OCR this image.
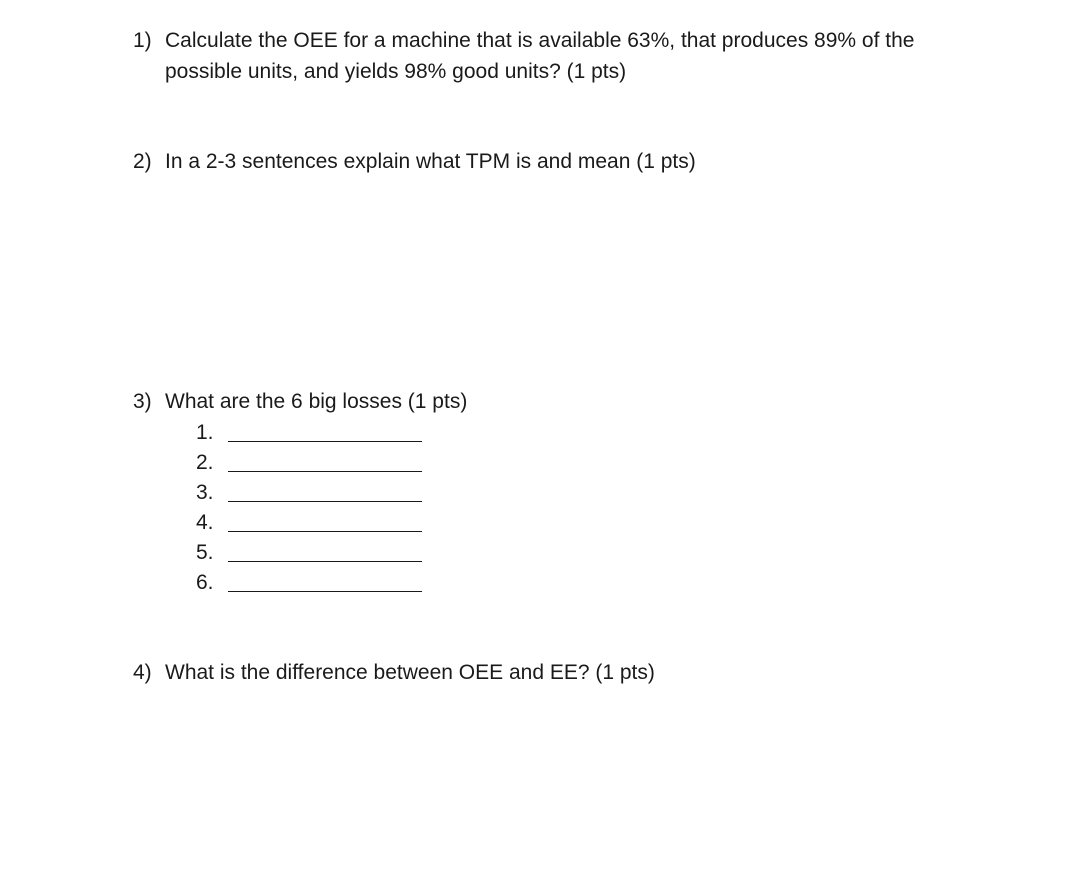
1) Calculate the OEE for a machine that is available 63%, that produces 89% of the possible units, and yields 98% good units? (1 pts)
2) In a 2-3 sentences explain what TPM is and mean (1 pts)
3) What are the 6 big losses (1 pts)
1.
2.
3.
4.
5.
6.
4) What is the difference between OEE and EE? (1 pts)
